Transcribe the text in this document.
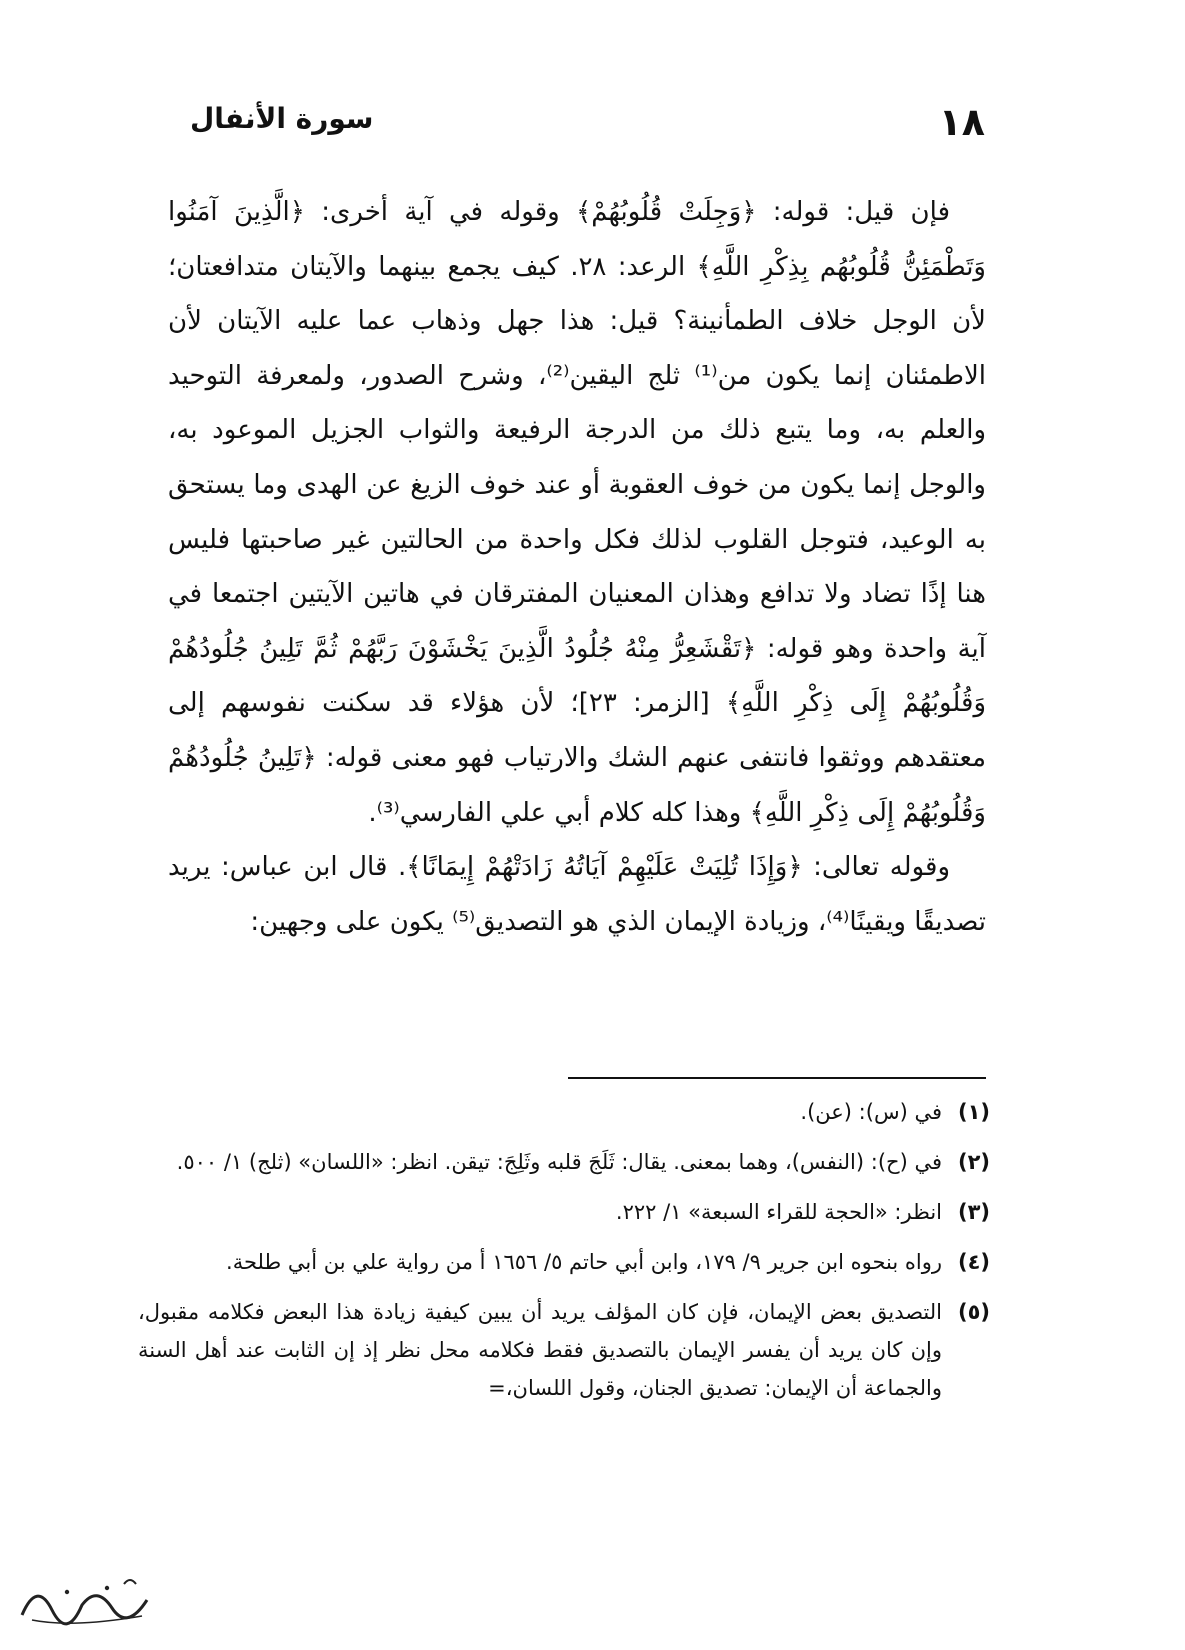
١٨
سورة الأنفال

فإن قيل: قوله: ﴿وَجِلَتْ قُلُوبُهُمْ﴾ وقوله في آية أخرى: ﴿الَّذِينَ آمَنُوا وَتَطْمَئِنُّ قُلُوبُهُم بِذِكْرِ اللَّهِ﴾ الرعد: ٢٨. كيف يجمع بينهما والآيتان متدافعتان؛ لأن الوجل خلاف الطمأنينة؟ قيل: هذا جهل وذهاب عما عليه الآيتان لأن الاطمئنان إنما يكون من⁽¹⁾ ثلج اليقين⁽²⁾، وشرح الصدور، ولمعرفة التوحيد والعلم به، وما يتبع ذلك من الدرجة الرفيعة والثواب الجزيل الموعود به، والوجل إنما يكون من خوف العقوبة أو عند خوف الزيغ عن الهدى وما يستحق به الوعيد، فتوجل القلوب لذلك فكل واحدة من الحالتين غير صاحبتها فليس هنا إذًا تضاد ولا تدافع وهذان المعنيان المفترقان في هاتين الآيتين اجتمعا في آية واحدة وهو قوله: ﴿تَقْشَعِرُّ مِنْهُ جُلُودُ الَّذِينَ يَخْشَوْنَ رَبَّهُمْ ثُمَّ تَلِينُ جُلُودُهُمْ وَقُلُوبُهُمْ إِلَى ذِكْرِ اللَّهِ﴾ [الزمر: ٢٣]؛ لأن هؤلاء قد سكنت نفوسهم إلى معتقدهم ووثقوا فانتفى عنهم الشك والارتياب فهو معنى قوله: ﴿تَلِينُ جُلُودُهُمْ وَقُلُوبُهُمْ إِلَى ذِكْرِ اللَّهِ﴾ وهذا كله كلام أبي علي الفارسي⁽³⁾.

وقوله تعالى: ﴿وَإِذَا تُلِيَتْ عَلَيْهِمْ آيَاتُهُ زَادَتْهُمْ إِيمَانًا﴾. قال ابن عباس: يريد تصديقًا ويقينًا⁽⁴⁾، وزيادة الإيمان الذي هو التصديق⁽⁵⁾ يكون على وجهين:

(١)
في (س): (عن).
(٢)
في (ح): (النفس)، وهما بمعنى. يقال: ثَلَجَ قلبه وثَلِجَ: تيقن. انظر: «اللسان» (ثلج) ١/ ٥٠٠.
(٣)
انظر: «الحجة للقراء السبعة» ١/ ٢٢٢.
(٤)
رواه بنحوه ابن جرير ٩/ ١٧٩، وابن أبي حاتم ٥/ ١٦٥٦ أ من رواية علي بن أبي طلحة.
(٥)
التصديق بعض الإيمان، فإن كان المؤلف يريد أن يبين كيفية زيادة هذا البعض فكلامه مقبول، وإن كان يريد أن يفسر الإيمان بالتصديق فقط فكلامه محل نظر إذ إن الثابت عند أهل السنة والجماعة أن الإيمان: تصديق الجنان، وقول اللسان،=
